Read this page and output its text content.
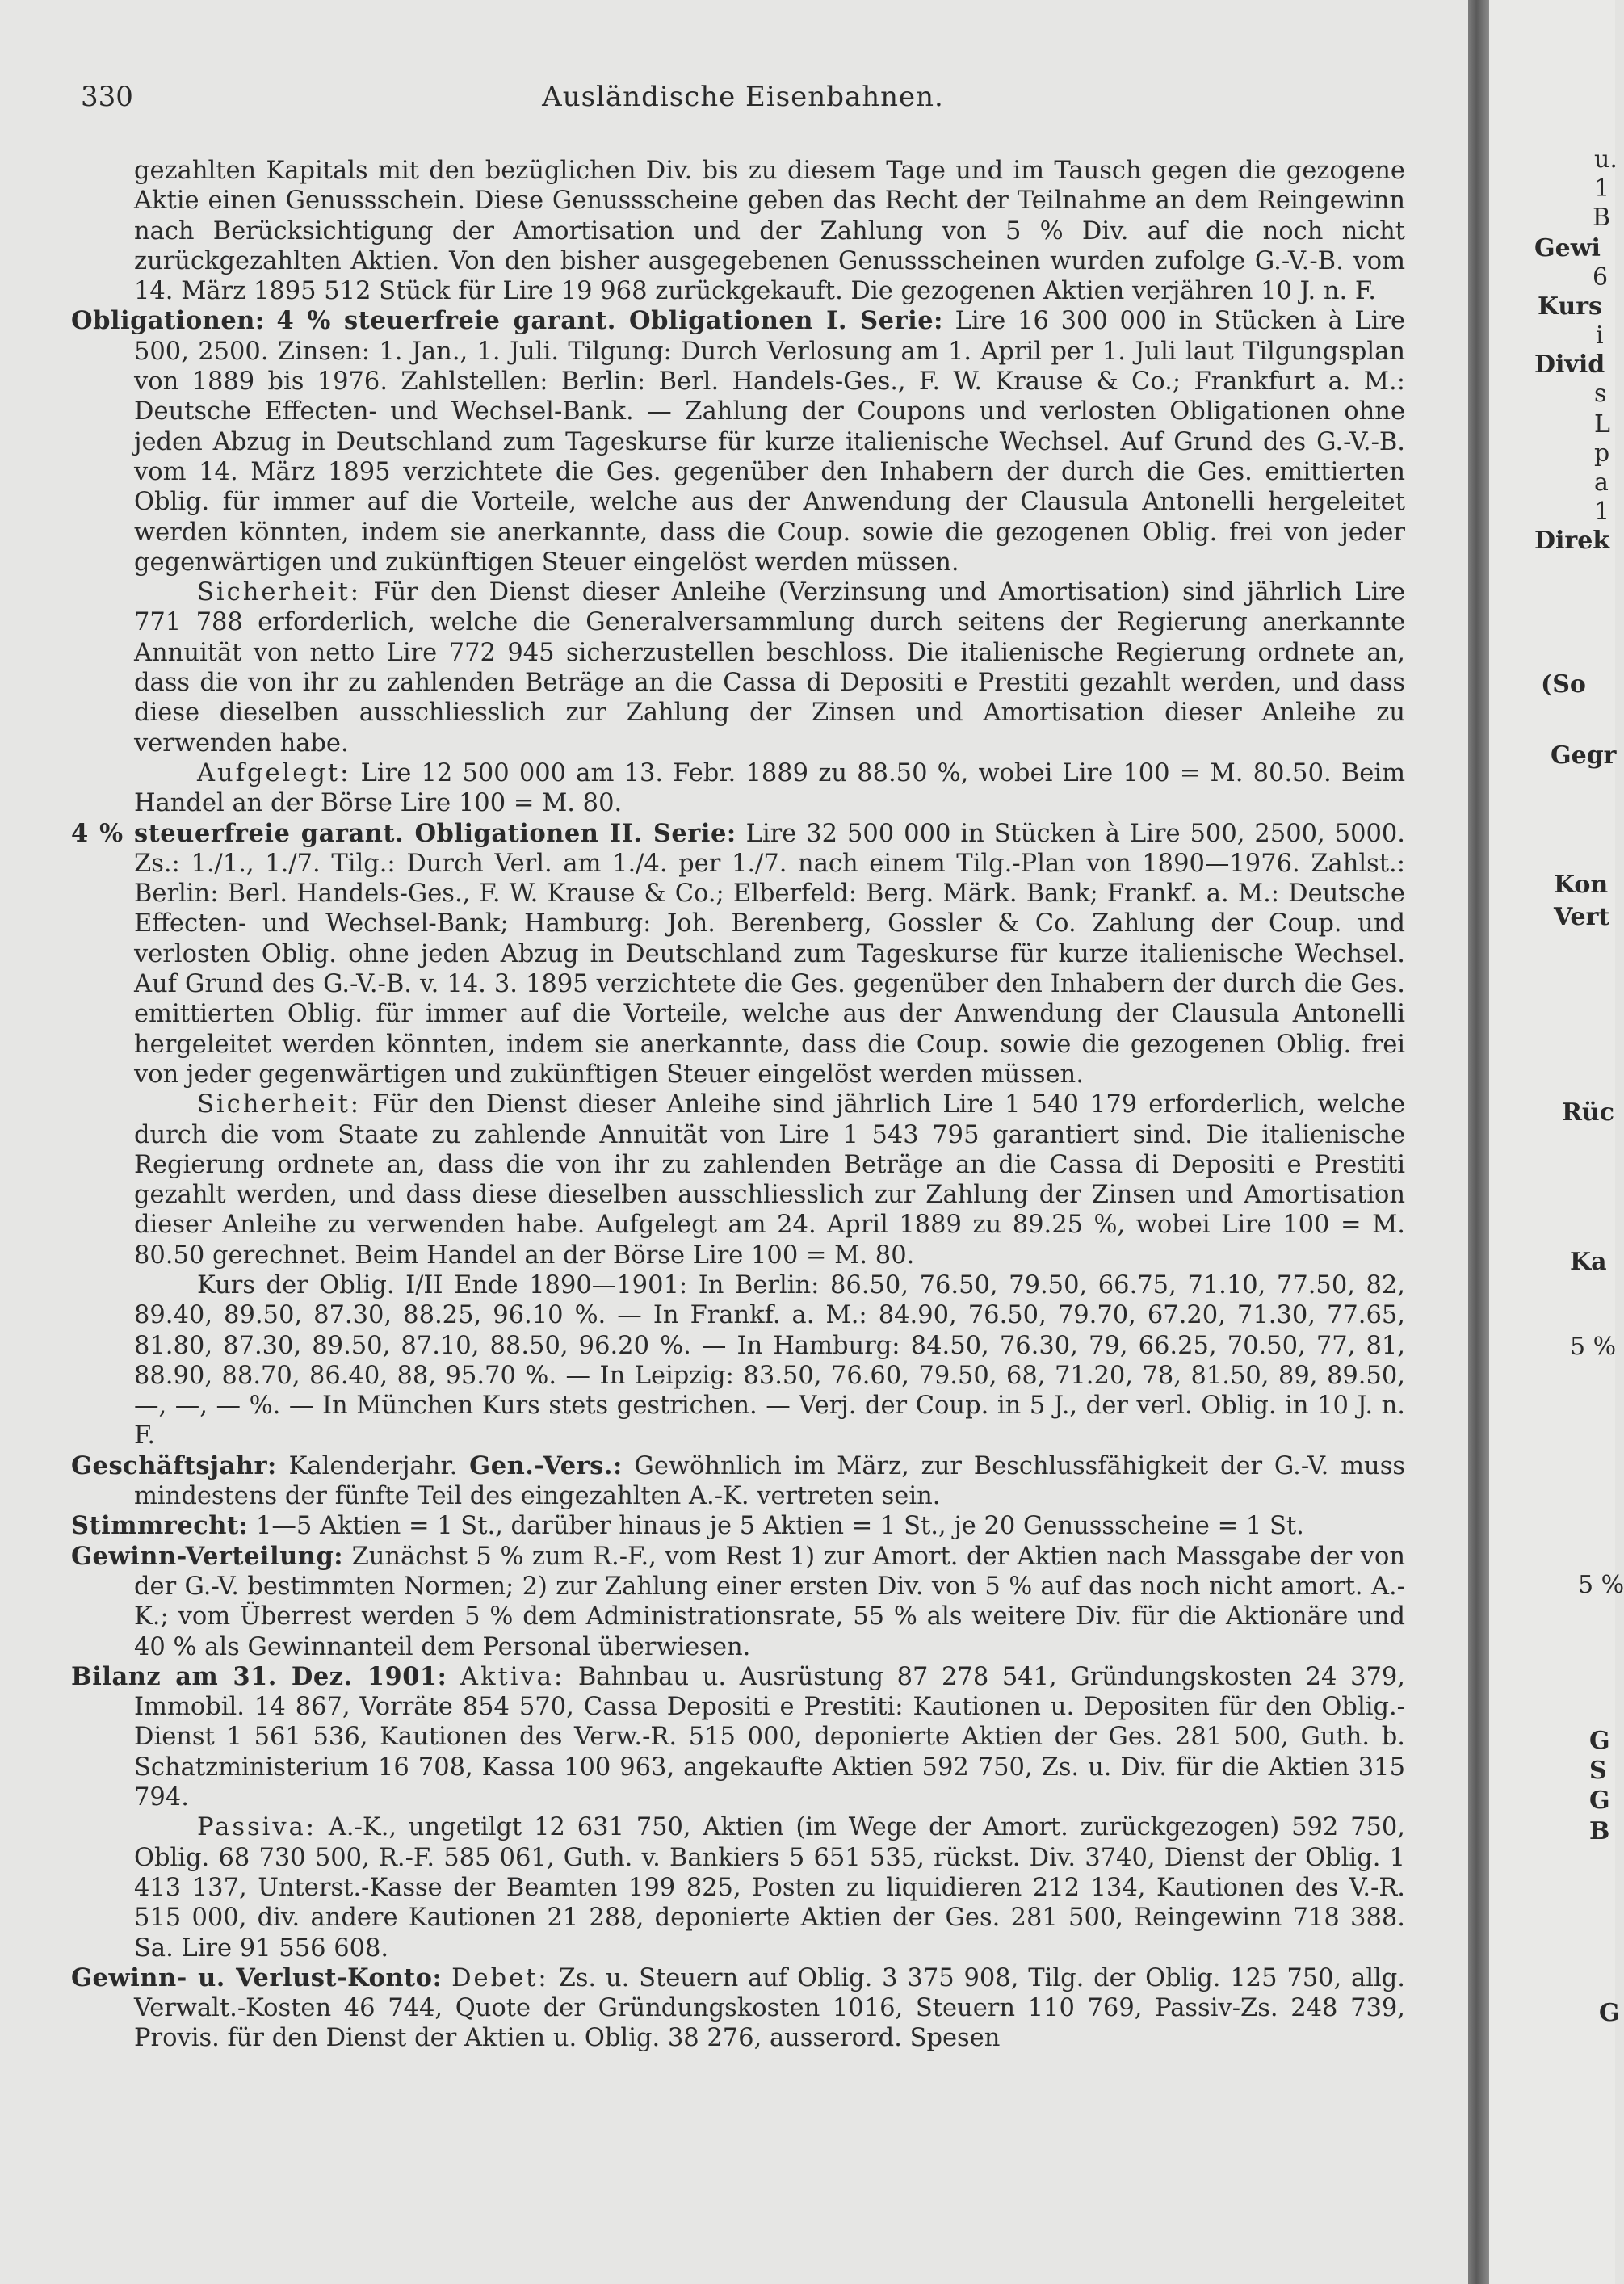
330	Ausländische Eisenbahnen.

gezahlten Kapitals mit den bezüglichen Div. bis zu diesem Tage und im Tausch gegen die gezogene Aktie einen Genussschein. Diese Genussscheine geben das Recht der Teilnahme an dem Reingewinn nach Berücksichtigung der Amortisation und der Zahlung von 5 % Div. auf die noch nicht zurückgezahlten Aktien. Von den bisher ausgegebenen Genussscheinen wurden zufolge G.-V.-B. vom 14. März 1895 512 Stück für Lire 19 968 zurückgekauft. Die gezogenen Aktien verjähren 10 J. n. F.

Obligationen: 4 % steuerfreie garant. Obligationen I. Serie: Lire 16 300 000 in Stücken à Lire 500, 2500. Zinsen: 1. Jan., 1. Juli. Tilgung: Durch Verlosung am 1. April per 1. Juli laut Tilgungsplan von 1889 bis 1976. Zahlstellen: Berlin: Berl. Handels-Ges., F. W. Krause & Co.; Frankfurt a. M.: Deutsche Effecten- und Wechsel-Bank. — Zahlung der Coupons und verlosten Obligationen ohne jeden Abzug in Deutschland zum Tageskurse für kurze italienische Wechsel. Auf Grund des G.-V.-B. vom 14. März 1895 verzichtete die Ges. gegenüber den Inhabern der durch die Ges. emittierten Oblig. für immer auf die Vorteile, welche aus der Anwendung der Clausula Antonelli hergeleitet werden könnten, indem sie anerkannte, dass die Coup. sowie die gezogenen Oblig. frei von jeder gegenwärtigen und zukünftigen Steuer eingelöst werden müssen.

Sicherheit: Für den Dienst dieser Anleihe (Verzinsung und Amortisation) sind jährlich Lire 771 788 erforderlich, welche die Generalversammlung durch seitens der Regierung anerkannte Annuität von netto Lire 772 945 sicherzustellen beschloss. Die italienische Regierung ordnete an, dass die von ihr zu zahlenden Beträge an die Cassa di Depositi e Prestiti gezahlt werden, und dass diese dieselben ausschliesslich zur Zahlung der Zinsen und Amortisation dieser Anleihe zu verwenden habe.

Aufgelegt: Lire 12 500 000 am 13. Febr. 1889 zu 88.50 %, wobei Lire 100 = M. 80.50. Beim Handel an der Börse Lire 100 = M. 80.

4 % steuerfreie garant. Obligationen II. Serie: Lire 32 500 000 in Stücken à Lire 500, 2500, 5000. Zs.: 1./1., 1./7. Tilg.: Durch Verl. am 1./4. per 1./7. nach einem Tilg.-Plan von 1890—1976. Zahlst.: Berlin: Berl. Handels-Ges., F. W. Krause & Co.; Elberfeld: Berg. Märk. Bank; Frankf. a. M.: Deutsche Effecten- und Wechsel-Bank; Hamburg: Joh. Berenberg, Gossler & Co. Zahlung der Coup. und verlosten Oblig. ohne jeden Abzug in Deutschland zum Tageskurse für kurze italienische Wechsel. Auf Grund des G.-V.-B. v. 14. 3. 1895 verzichtete die Ges. gegenüber den Inhabern der durch die Ges. emittierten Oblig. für immer auf die Vorteile, welche aus der Anwendung der Clausula Antonelli hergeleitet werden könnten, indem sie anerkannte, dass die Coup. sowie die gezogenen Oblig. frei von jeder gegenwärtigen und zukünftigen Steuer eingelöst werden müssen.

Sicherheit: Für den Dienst dieser Anleihe sind jährlich Lire 1 540 179 erforderlich, welche durch die vom Staate zu zahlende Annuität von Lire 1 543 795 garantiert sind. Die italienische Regierung ordnete an, dass die von ihr zu zahlenden Beträge an die Cassa di Depositi e Prestiti gezahlt werden, und dass diese dieselben ausschliesslich zur Zahlung der Zinsen und Amortisation dieser Anleihe zu verwenden habe. Aufgelegt am 24. April 1889 zu 89.25 %, wobei Lire 100 = M. 80.50 gerechnet. Beim Handel an der Börse Lire 100 = M. 80.

Kurs der Oblig. I/II Ende 1890—1901: In Berlin: 86.50, 76.50, 79.50, 66.75, 71.10, 77.50, 82, 89.40, 89.50, 87.30, 88.25, 96.10 %. — In Frankf. a. M.: 84.90, 76.50, 79.70, 67.20, 71.30, 77.65, 81.80, 87.30, 89.50, 87.10, 88.50, 96.20 %. — In Hamburg: 84.50, 76.30, 79, 66.25, 70.50, 77, 81, 88.90, 88.70, 86.40, 88, 95.70 %. — In Leipzig: 83.50, 76.60, 79.50, 68, 71.20, 78, 81.50, 89, 89.50, —, —, — %. — In München Kurs stets gestrichen. — Verj. der Coup. in 5 J., der verl. Oblig. in 10 J. n. F.

Geschäftsjahr: Kalenderjahr. Gen.-Vers.: Gewöhnlich im März, zur Beschlussfähigkeit der G.-V. muss mindestens der fünfte Teil des eingezahlten A.-K. vertreten sein.

Stimmrecht: 1—5 Aktien = 1 St., darüber hinaus je 5 Aktien = 1 St., je 20 Genussscheine = 1 St.

Gewinn-Verteilung: Zunächst 5 % zum R.-F., vom Rest 1) zur Amort. der Aktien nach Massgabe der von der G.-V. bestimmten Normen; 2) zur Zahlung einer ersten Div. von 5 % auf das noch nicht amort. A.-K.; vom Überrest werden 5 % dem Administrationsrate, 55 % als weitere Div. für die Aktionäre und 40 % als Gewinnanteil dem Personal überwiesen.

Bilanz am 31. Dez. 1901: Aktiva: Bahnbau u. Ausrüstung 87 278 541, Gründungskosten 24 379, Immobil. 14 867, Vorräte 854 570, Cassa Depositi e Prestiti: Kautionen u. Depositen für den Oblig.-Dienst 1 561 536, Kautionen des Verw.-R. 515 000, deponierte Aktien der Ges. 281 500, Guth. b. Schatzministerium 16 708, Kassa 100 963, angekaufte Aktien 592 750, Zs. u. Div. für die Aktien 315 794.

Passiva: A.-K., ungetilgt 12 631 750, Aktien (im Wege der Amort. zurückgezogen) 592 750, Oblig. 68 730 500, R.-F. 585 061, Guth. v. Bankiers 5 651 535, rückst. Div. 3740, Dienst der Oblig. 1 413 137, Unterst.-Kasse der Beamten 199 825, Posten zu liquidieren 212 134, Kautionen des V.-R. 515 000, div. andere Kautionen 21 288, deponierte Aktien der Ges. 281 500, Reingewinn 718 388. Sa. Lire 91 556 608.

Gewinn- u. Verlust-Konto: Debet: Zs. u. Steuern auf Oblig. 3 375 908, Tilg. der Oblig. 125 750, allg. Verwalt.-Kosten 46 744, Quote der Gründungskosten 1016, Steuern 110 769, Passiv-Zs. 248 739, Provis. für den Dienst der Aktien u. Oblig. 38 276, ausserord. Spesen

u.
1
B
Gewi
6
Kurs
i
Divid
s
L
p
a
1
Direk
(So
Gegr
Kon
Vert
Rüc
Ka
5 %
5 %
G
S
G
B
G
